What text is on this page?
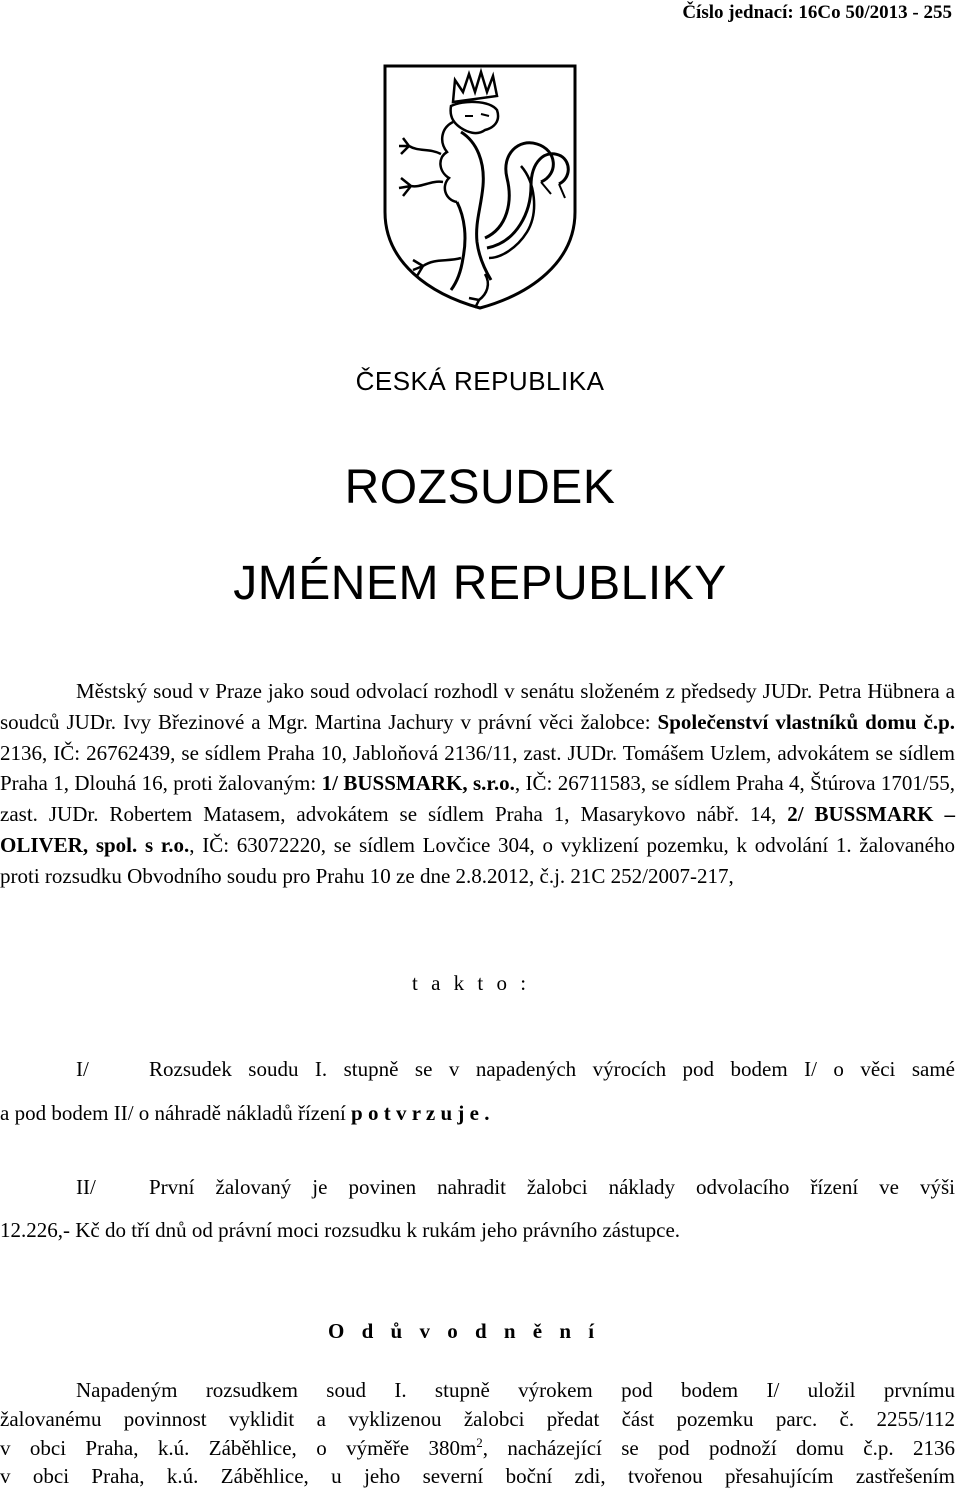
Číslo jednací: 16Co 50/2013 - 255
ČESKÁ REPUBLIKA
ROZSUDEK
JMÉNEM REPUBLIKY
Městský soud v Praze jako soud odvolací rozhodl v senátu složeném z předsedy JUDr. Petra Hübnera a soudců JUDr. Ivy Březinové a Mgr. Martina Jachury v právní věci žalobce: Společenství vlastníků domu č.p. 2136, IČ: 26762439, se sídlem Praha 10, Jabloňová 2136/11, zast. JUDr. Tomášem Uzlem, advokátem se sídlem Praha 1, Dlouhá 16, proti žalovaným: 1/ BUSSMARK, s.r.o., IČ: 26711583, se sídlem Praha 4, Štúrova 1701/55, zast. JUDr. Robertem Matasem, advokátem se sídlem Praha 1, Masarykovo nábř. 14, 2/ BUSSMARK – OLIVER, spol. s r.o., IČ: 63072220, se sídlem Lovčice 304, o vyklizení pozemku, k odvolání 1. žalovaného proti rozsudku Obvodního soudu pro Prahu 10 ze dne 2.8.2012, č.j. 21C 252/2007-217,
t a k t o :
I/	Rozsudek soudu I. stupně se v napadených výrocích pod bodem I/ o věci samé
a pod bodem II/ o náhradě nákladů řízení p o t v r z u j e .
II/	První žalovaný je povinen nahradit žalobci náklady odvolacího řízení ve výši
12.226,- Kč do tří dnů od právní moci rozsudku k rukám jeho právního zástupce.
O d ů v o d n ě n í
Napadeným rozsudkem soud I. stupně výrokem pod bodem I/ uložil prvnímu
žalovanému povinnost vyklidit a vyklizenou žalobci předat část pozemku parc. č. 2255/112
v obci Praha, k.ú. Záběhlice, o výměře $380m^2$, nacházející se pod podnoží domu č.p. 2136
v obci Praha, k.ú. Záběhlice, u jeho severní boční zdi, tvořenou přesahujícím zastřešením
